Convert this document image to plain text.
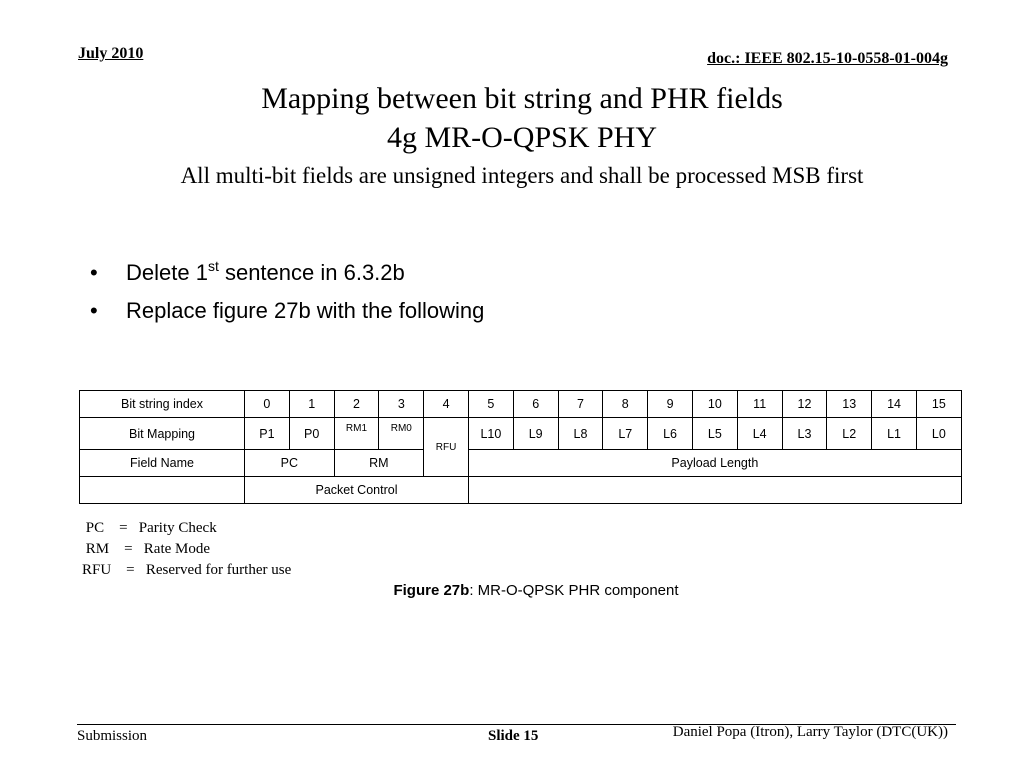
July 2010	doc.: IEEE 802.15-10-0558-01-004g
Mapping between bit string and PHR fields
4g MR-O-QPSK PHY
All multi-bit fields are unsigned integers and shall be processed MSB first
• Delete 1st sentence in 6.3.2b
• Replace figure 27b with the following
Bit string index	0	1	2	3	4	5	6	7	8	9	10	11	12	13	14	15
Bit Mapping	P1	P0	RM1	RM0	RFU	L10	L9	L8	L7	L6	L5	L4	L3	L2	L1	L0
Field Name	PC		RM			Payload Length										
	Packet Control															
PC    =   Parity Check
RM    =   Rate Mode
RFU    =   Reserved for further use
Figure 27b: MR-O-QPSK PHR component
Submission	Slide 15	Daniel Popa (Itron), Larry Taylor (DTC(UK))
